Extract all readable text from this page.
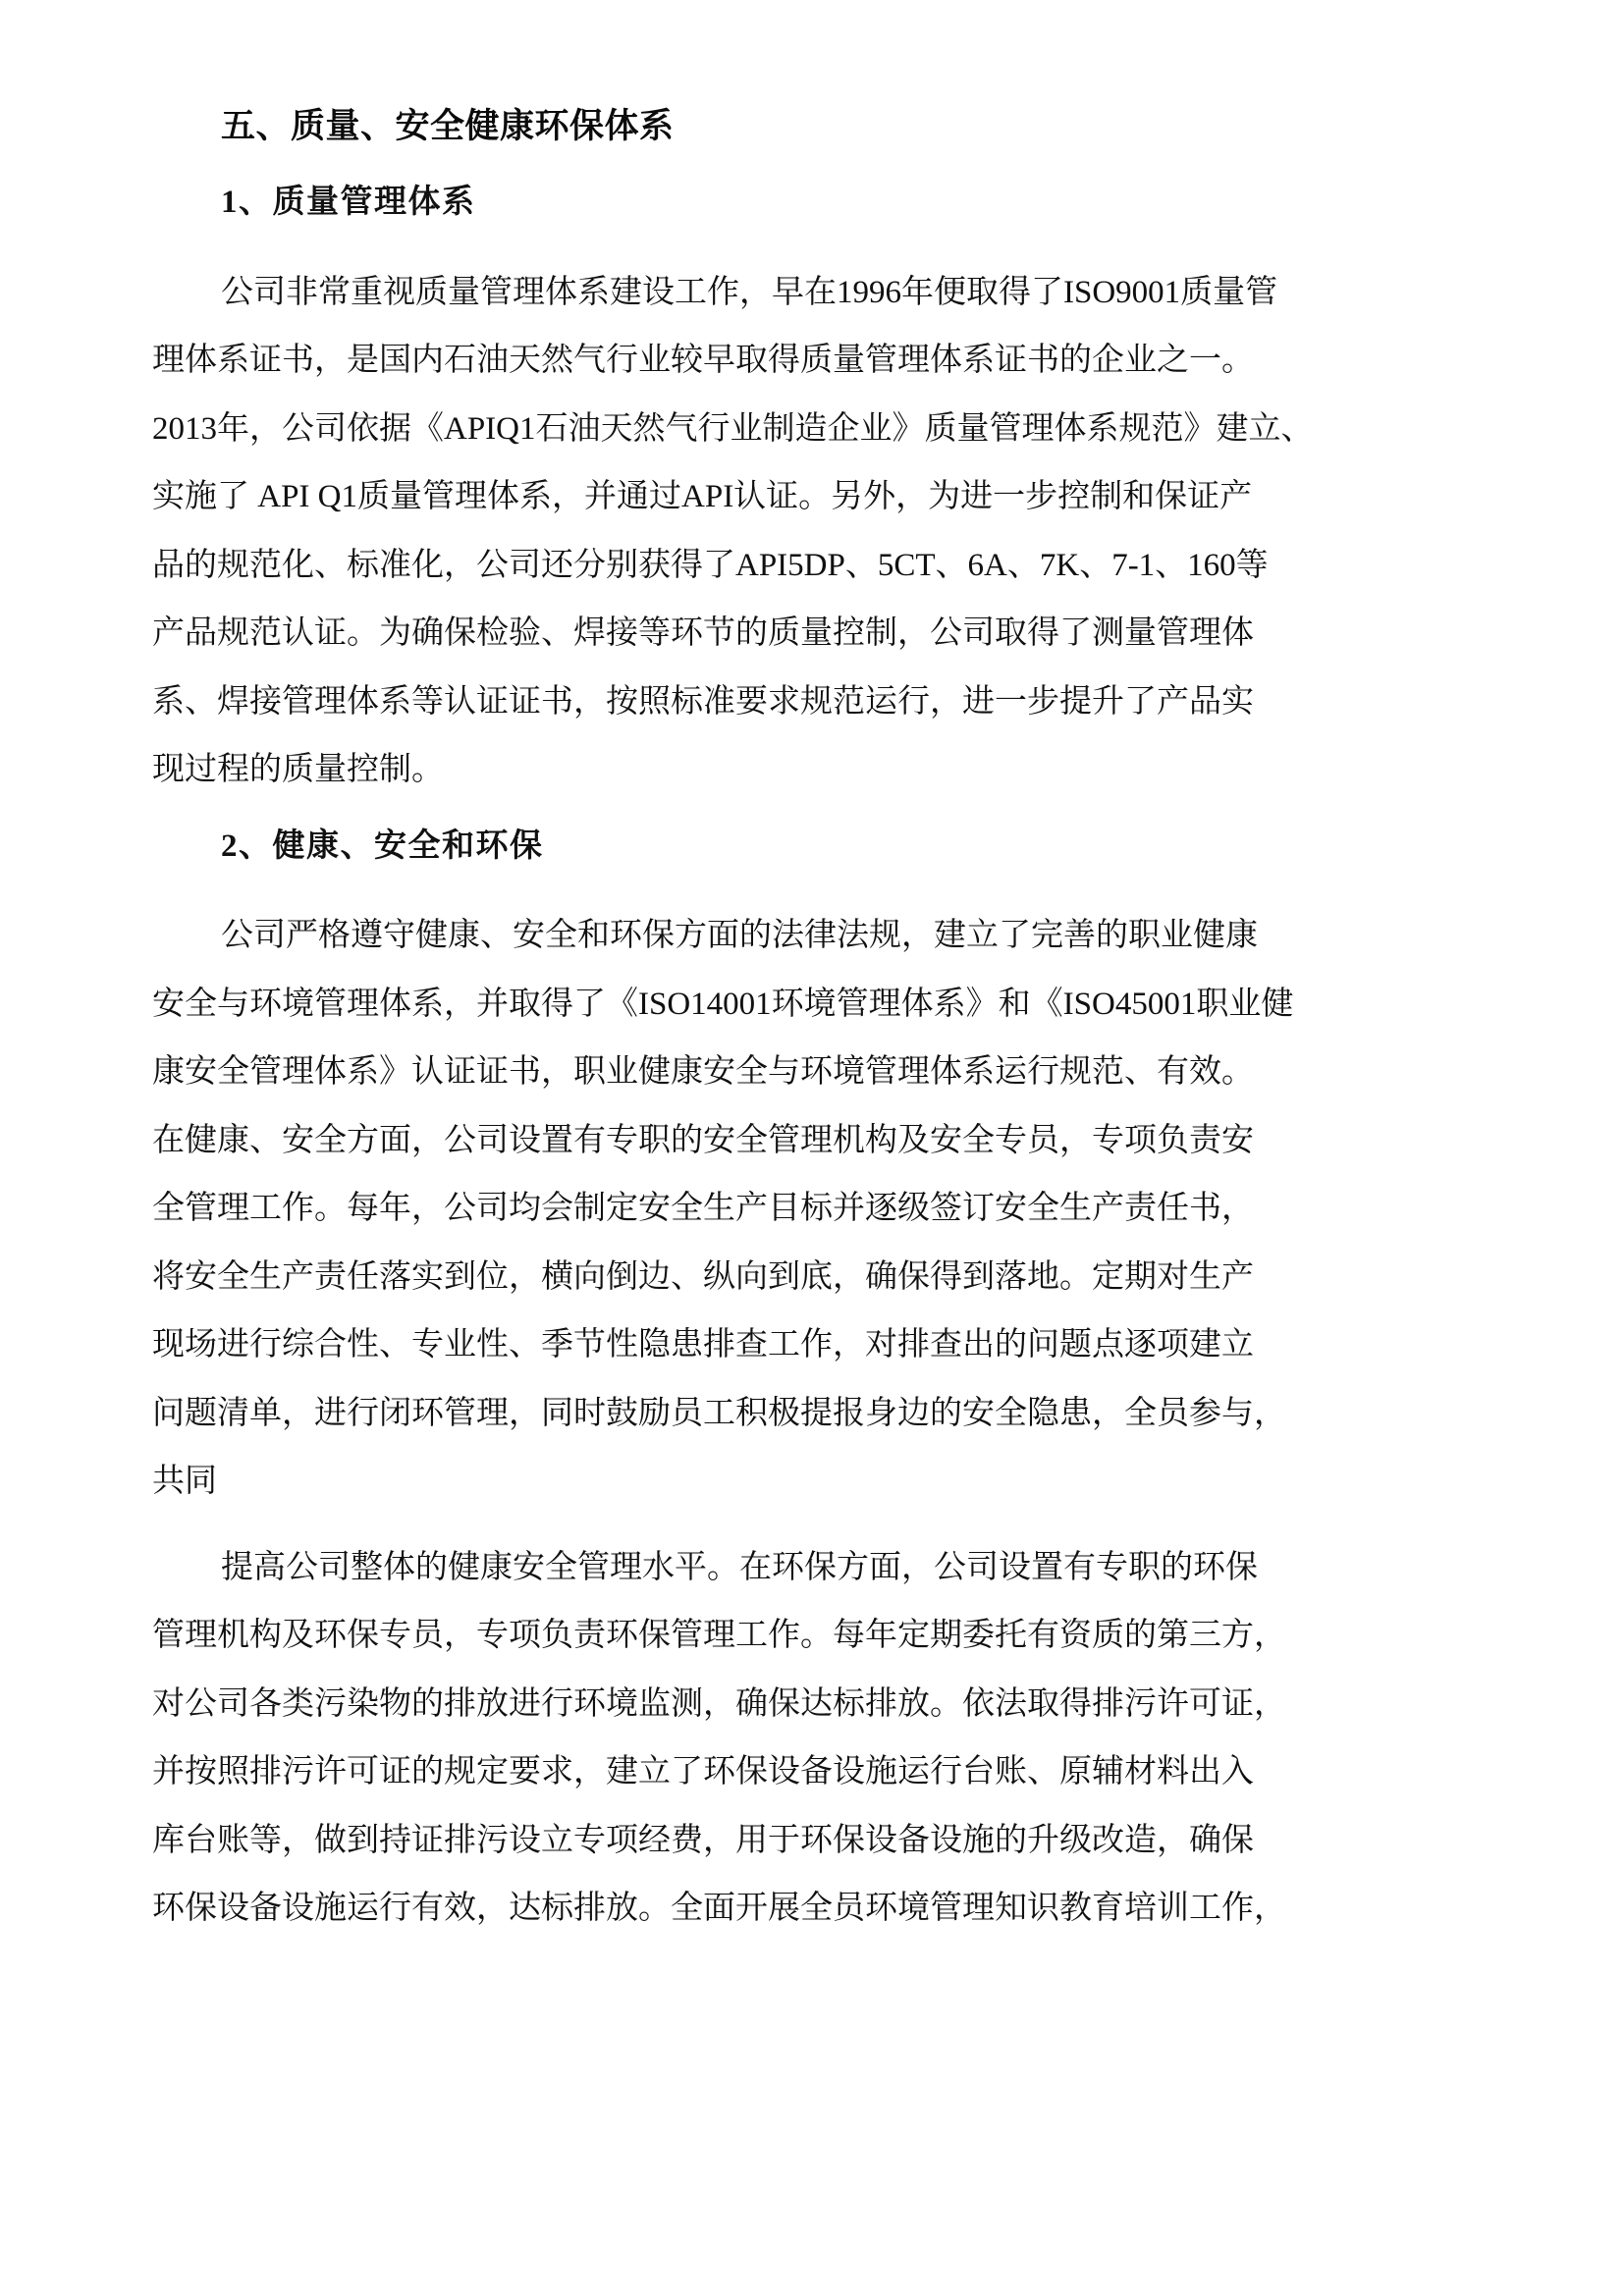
五、质量、安全健康环保体系
1、质量管理体系

公司非常重视质量管理体系建设工作，早在1996年便取得了ISO9001质量管
理体系证书，是国内石油天然气行业较早取得质量管理体系证书的企业之一。
2013年，公司依据《APIQ1石油天然气行业制造企业》质量管理体系规范》建立、
实施了 API Q1质量管理体系，并通过API认证。另外，为进一步控制和保证产
品的规范化、标准化，公司还分别获得了API5DP、5CT、6A、7K、7-1、160等
产品规范认证。为确保检验、焊接等环节的质量控制，公司取得了测量管理体
系、焊接管理体系等认证证书，按照标准要求规范运行，进一步提升了产品实
现过程的质量控制。

2、健康、安全和环保

公司严格遵守健康、安全和环保方面的法律法规，建立了完善的职业健康
安全与环境管理体系，并取得了《ISO14001环境管理体系》和《ISO45001职业健
康安全管理体系》认证证书，职业健康安全与环境管理体系运行规范、有效。
在健康、安全方面，公司设置有专职的安全管理机构及安全专员，专项负责安
全管理工作。每年，公司均会制定安全生产目标并逐级签订安全生产责任书，
将安全生产责任落实到位，横向倒边、纵向到底，确保得到落地。定期对生产
现场进行综合性、专业性、季节性隐患排查工作，对排查出的问题点逐项建立
问题清单，进行闭环管理，同时鼓励员工积极提报身边的安全隐患，全员参与，
共同

提高公司整体的健康安全管理水平。在环保方面，公司设置有专职的环保
管理机构及环保专员，专项负责环保管理工作。每年定期委托有资质的第三方，
对公司各类污染物的排放进行环境监测，确保达标排放。依法取得排污许可证，
并按照排污许可证的规定要求，建立了环保设备设施运行台账、原辅材料出入
库台账等，做到持证排污设立专项经费，用于环保设备设施的升级改造，确保
环保设备设施运行有效，达标排放。全面开展全员环境管理知识教育培训工作，
